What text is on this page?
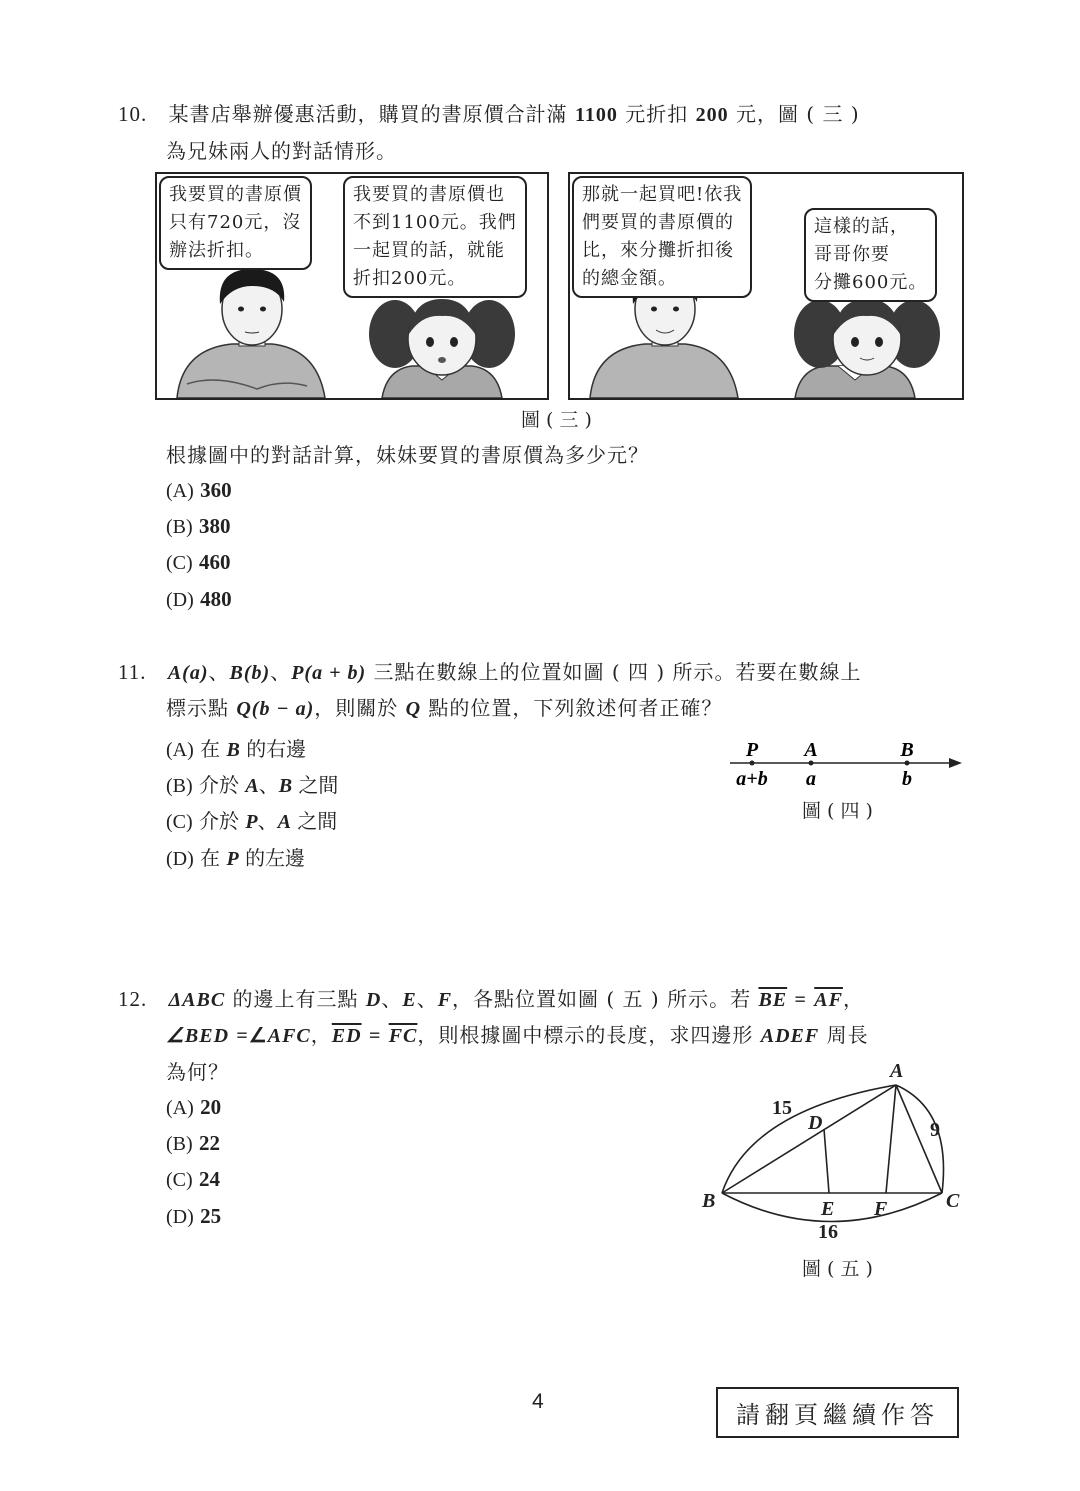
10. 某書店舉辦優惠活動，購買的書原價合計滿 1100 元折扣 200 元，圖 ( 三 )
為兄妹兩人的對話情形。
我要買的書原價
只有720元，沒
辦法折扣。
我要買的書原價也
不到1100元。我們
一起買的話，就能
折扣200元。
那就一起買吧!依我
們要買的書原價的
比，來分攤折扣後
的總金額。
這樣的話，
哥哥你要
分攤600元。
圖 ( 三 )
根據圖中的對話計算，妹妹要買的書原價為多少元？
(A) 360
(B) 380
(C) 460
(D) 480
11. A(a)、B(b)、P(a + b) 三點在數線上的位置如圖 ( 四 ) 所示。若要在數線上
標示點 Q(b − a)，則關於 Q 點的位置，下列敘述何者正確？
(A) 在 B 的右邊
(B) 介於 A、B 之間
(C) 介於 P、A 之間
(D) 在 P 的左邊
P A	B
a+b a	b
圖 ( 四 )
12. ΔABC 的邊上有三點 D、E、F，各點位置如圖 ( 五 ) 所示。若 $\overline{BE} = \overline{AF}$，
∠BED =∠AFC，$\overline{ED} = \overline{FC}$，則根據圖中標示的長度，求四邊形 ADEF 周長
為何？
(A) 20
(B) 22
(C) 24
(D) 25
A
B	C
D
E F
15
9
16
圖 ( 五 )
4	請翻頁繼續作答
